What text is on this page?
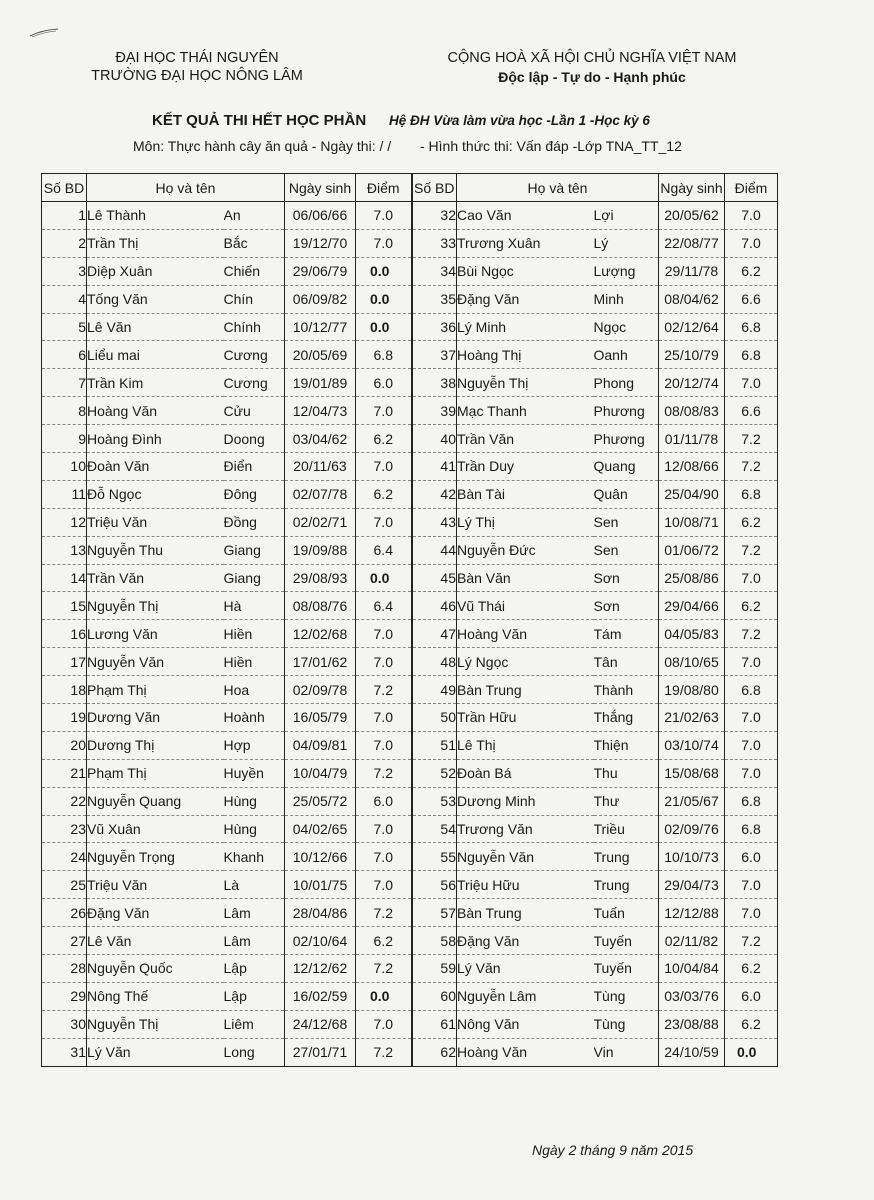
ĐẠI HỌC THÁI NGUYÊN
TRƯỜNG ĐẠI HỌC NÔNG LÂM
CỘNG HOÀ XÃ HỘI CHỦ NGHĨA VIỆT NAM
Độc lập - Tự do - Hạnh phúc
KẾT QUẢ THI HẾT HỌC PHẦN Hệ ĐH Vừa làm vừa học -Lần 1 -Học kỳ 6
Môn: Thực hành cây ăn quả - Ngày thi: / / - Hình thức thi: Vấn đáp -Lớp TNA_TT_12
Số BD	Họ và tên		Ngày sinh	Điểm	Số BD	Họ và tên		Ngày sinh	Điểm
1	Lê Thành	An	06/06/66	7.0	32	Cao Văn	Lợi	20/05/62	7.0
2	Trần Thị	Bắc	19/12/70	7.0	33	Trương Xuân	Lý	22/08/77	7.0
3	Diệp Xuân	Chiến	29/06/79	0.0	34	Bùi Ngọc	Lượng	29/11/78	6.2
4	Tống Văn	Chín	06/09/82	0.0	35	Đặng Văn	Minh	08/04/62	6.6
5	Lê Văn	Chính	10/12/77	0.0	36	Lý Minh	Ngọc	02/12/64	6.8
6	Liểu mai	Cương	20/05/69	6.8	37	Hoàng Thị	Oanh	25/10/79	6.8
7	Trần Kim	Cương	19/01/89	6.0	38	Nguyễn Thị	Phong	20/12/74	7.0
8	Hoàng Văn	Cửu	12/04/73	7.0	39	Mạc Thanh	Phương	08/08/83	6.6
9	Hoàng Đình	Doong	03/04/62	6.2	40	Trần Văn	Phương	01/11/78	7.2
10	Đoàn Văn	Điển	20/11/63	7.0	41	Trần Duy	Quang	12/08/66	7.2
11	Đỗ Ngọc	Đông	02/07/78	6.2	42	Bàn Tài	Quân	25/04/90	6.8
12	Triệu Văn	Đồng	02/02/71	7.0	43	Lý Thị	Sen	10/08/71	6.2
13	Nguyễn Thu	Giang	19/09/88	6.4	44	Nguyễn Đức	Sen	01/06/72	7.2
14	Trần Văn	Giang	29/08/93	0.0	45	Bàn Văn	Sơn	25/08/86	7.0
15	Nguyễn Thị	Hà	08/08/76	6.4	46	Vũ Thái	Sơn	29/04/66	6.2
16	Lương Văn	Hiền	12/02/68	7.0	47	Hoàng Văn	Tám	04/05/83	7.2
17	Nguyễn Văn	Hiền	17/01/62	7.0	48	Lý Ngọc	Tân	08/10/65	7.0
18	Phạm Thị	Hoa	02/09/78	7.2	49	Bàn Trung	Thành	19/08/80	6.8
19	Dương Văn	Hoành	16/05/79	7.0	50	Trần Hữu	Thắng	21/02/63	7.0
20	Dương Thị	Hợp	04/09/81	7.0	51	Lê Thị	Thiện	03/10/74	7.0
21	Phạm Thị	Huyền	10/04/79	7.2	52	Đoàn Bá	Thu	15/08/68	7.0
22	Nguyễn Quang	Hùng	25/05/72	6.0	53	Dương Minh	Thư	21/05/67	6.8
23	Vũ Xuân	Hùng	04/02/65	7.0	54	Trương Văn	Triều	02/09/76	6.8
24	Nguyễn Trọng	Khanh	10/12/66	7.0	55	Nguyễn Văn	Trung	10/10/73	6.0
25	Triệu Văn	Là	10/01/75	7.0	56	Triệu Hữu	Trung	29/04/73	7.0
26	Đặng Văn	Lâm	28/04/86	7.2	57	Bàn Trung	Tuấn	12/12/88	7.0
27	Lê Văn	Lâm	02/10/64	6.2	58	Đặng Văn	Tuyến	02/11/82	7.2
28	Nguyễn Quốc	Lập	12/12/62	7.2	59	Lý Văn	Tuyến	10/04/84	6.2
29	Nông Thế	Lập	16/02/59	0.0	60	Nguyễn Lâm	Tùng	03/03/76	6.0
30	Nguyễn Thị	Liêm	24/12/68	7.0	61	Nông Văn	Tùng	23/08/88	6.2
31	Lý Văn	Long	27/01/71	7.2	62	Hoàng Văn	Vin	24/10/59	0.0
Ngày 2 tháng 9 năm 2015
